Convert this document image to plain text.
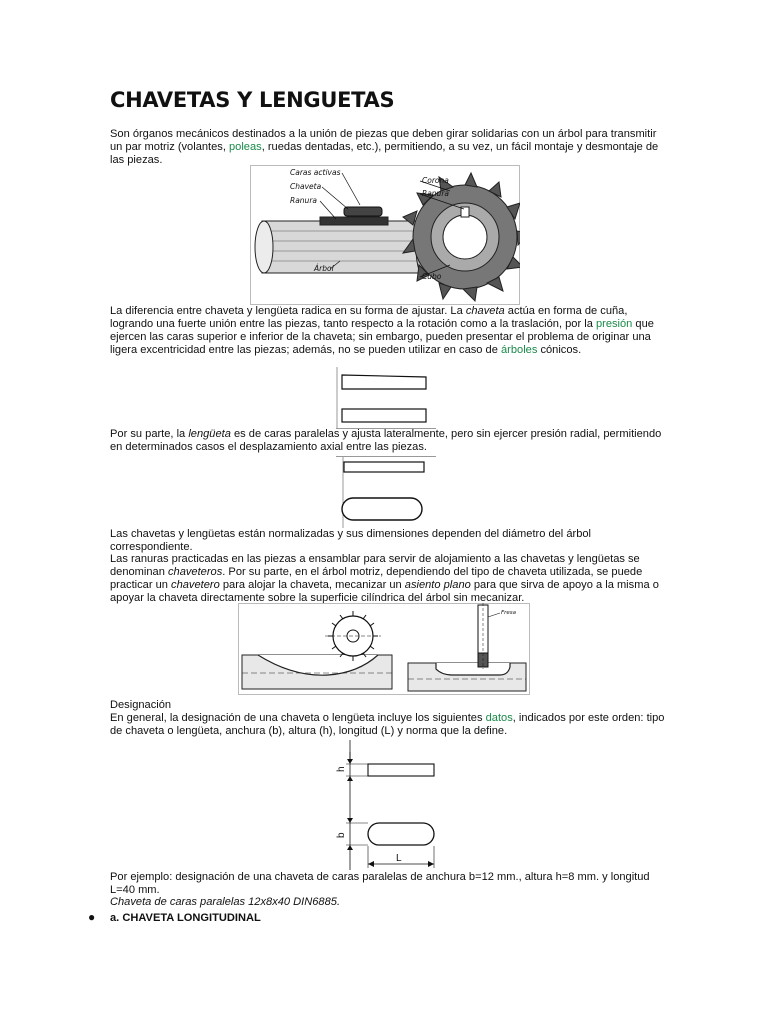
CHAVETAS Y LENGUETAS

Son órganos mecánicos destinados a la unión de piezas que deben girar solidarias con un árbol para transmitir un par motriz (volantes, poleas, ruedas dentadas, etc.), permitiendo, a su vez, un fácil montaje y desmontaje de las piezas.

Caras activas
Chaveta
Ranura
Árbol
Corona
Ranura
Cubo

La diferencia entre chaveta y lengüeta radica en su forma de ajustar. La chaveta actúa en forma de cuña, logrando una fuerte unión entre las piezas, tanto respecto a la rotación como a la traslación, por la presión que ejercen las caras superior e inferior de la chaveta; sin embargo, pueden presentar el problema de originar una ligera excentricidad entre las piezas; además, no se pueden utilizar en caso de árboles cónicos.

Por su parte, la lengüeta es de caras paralelas y ajusta lateralmente, pero sin ejercer presión radial, permitiendo en determinados casos el desplazamiento axial entre las piezas.

Las chavetas y lengüetas están normalizadas y sus dimensiones dependen del diámetro del árbol correspondiente.

Las ranuras practicadas en las piezas a ensamblar para servir de alojamiento a las chavetas y lengüetas se denominan chaveteros. Por su parte, en el árbol motriz, dependiendo del tipo de chaveta utilizada, se puede practicar un chavetero para alojar la chaveta, mecanizar un asiento plano para que sirva de apoyo a la misma o apoyar la chaveta directamente sobre la superficie cilíndrica del árbol sin mecanizar.

Fresa

Designación

En general, la designación de una chaveta o lengüeta incluye los siguientes datos, indicados por este orden: tipo de chaveta o lengüeta, anchura (b), altura (h), longitud (L) y norma que la define.

h
b
L

Por ejemplo: designación de una chaveta de caras paralelas de anchura b=12 mm., altura h=8 mm. y longitud L=40 mm.

Chaveta de caras paralelas 12x8x40 DIN6885.

● a. CHAVETA LONGITUDINAL
